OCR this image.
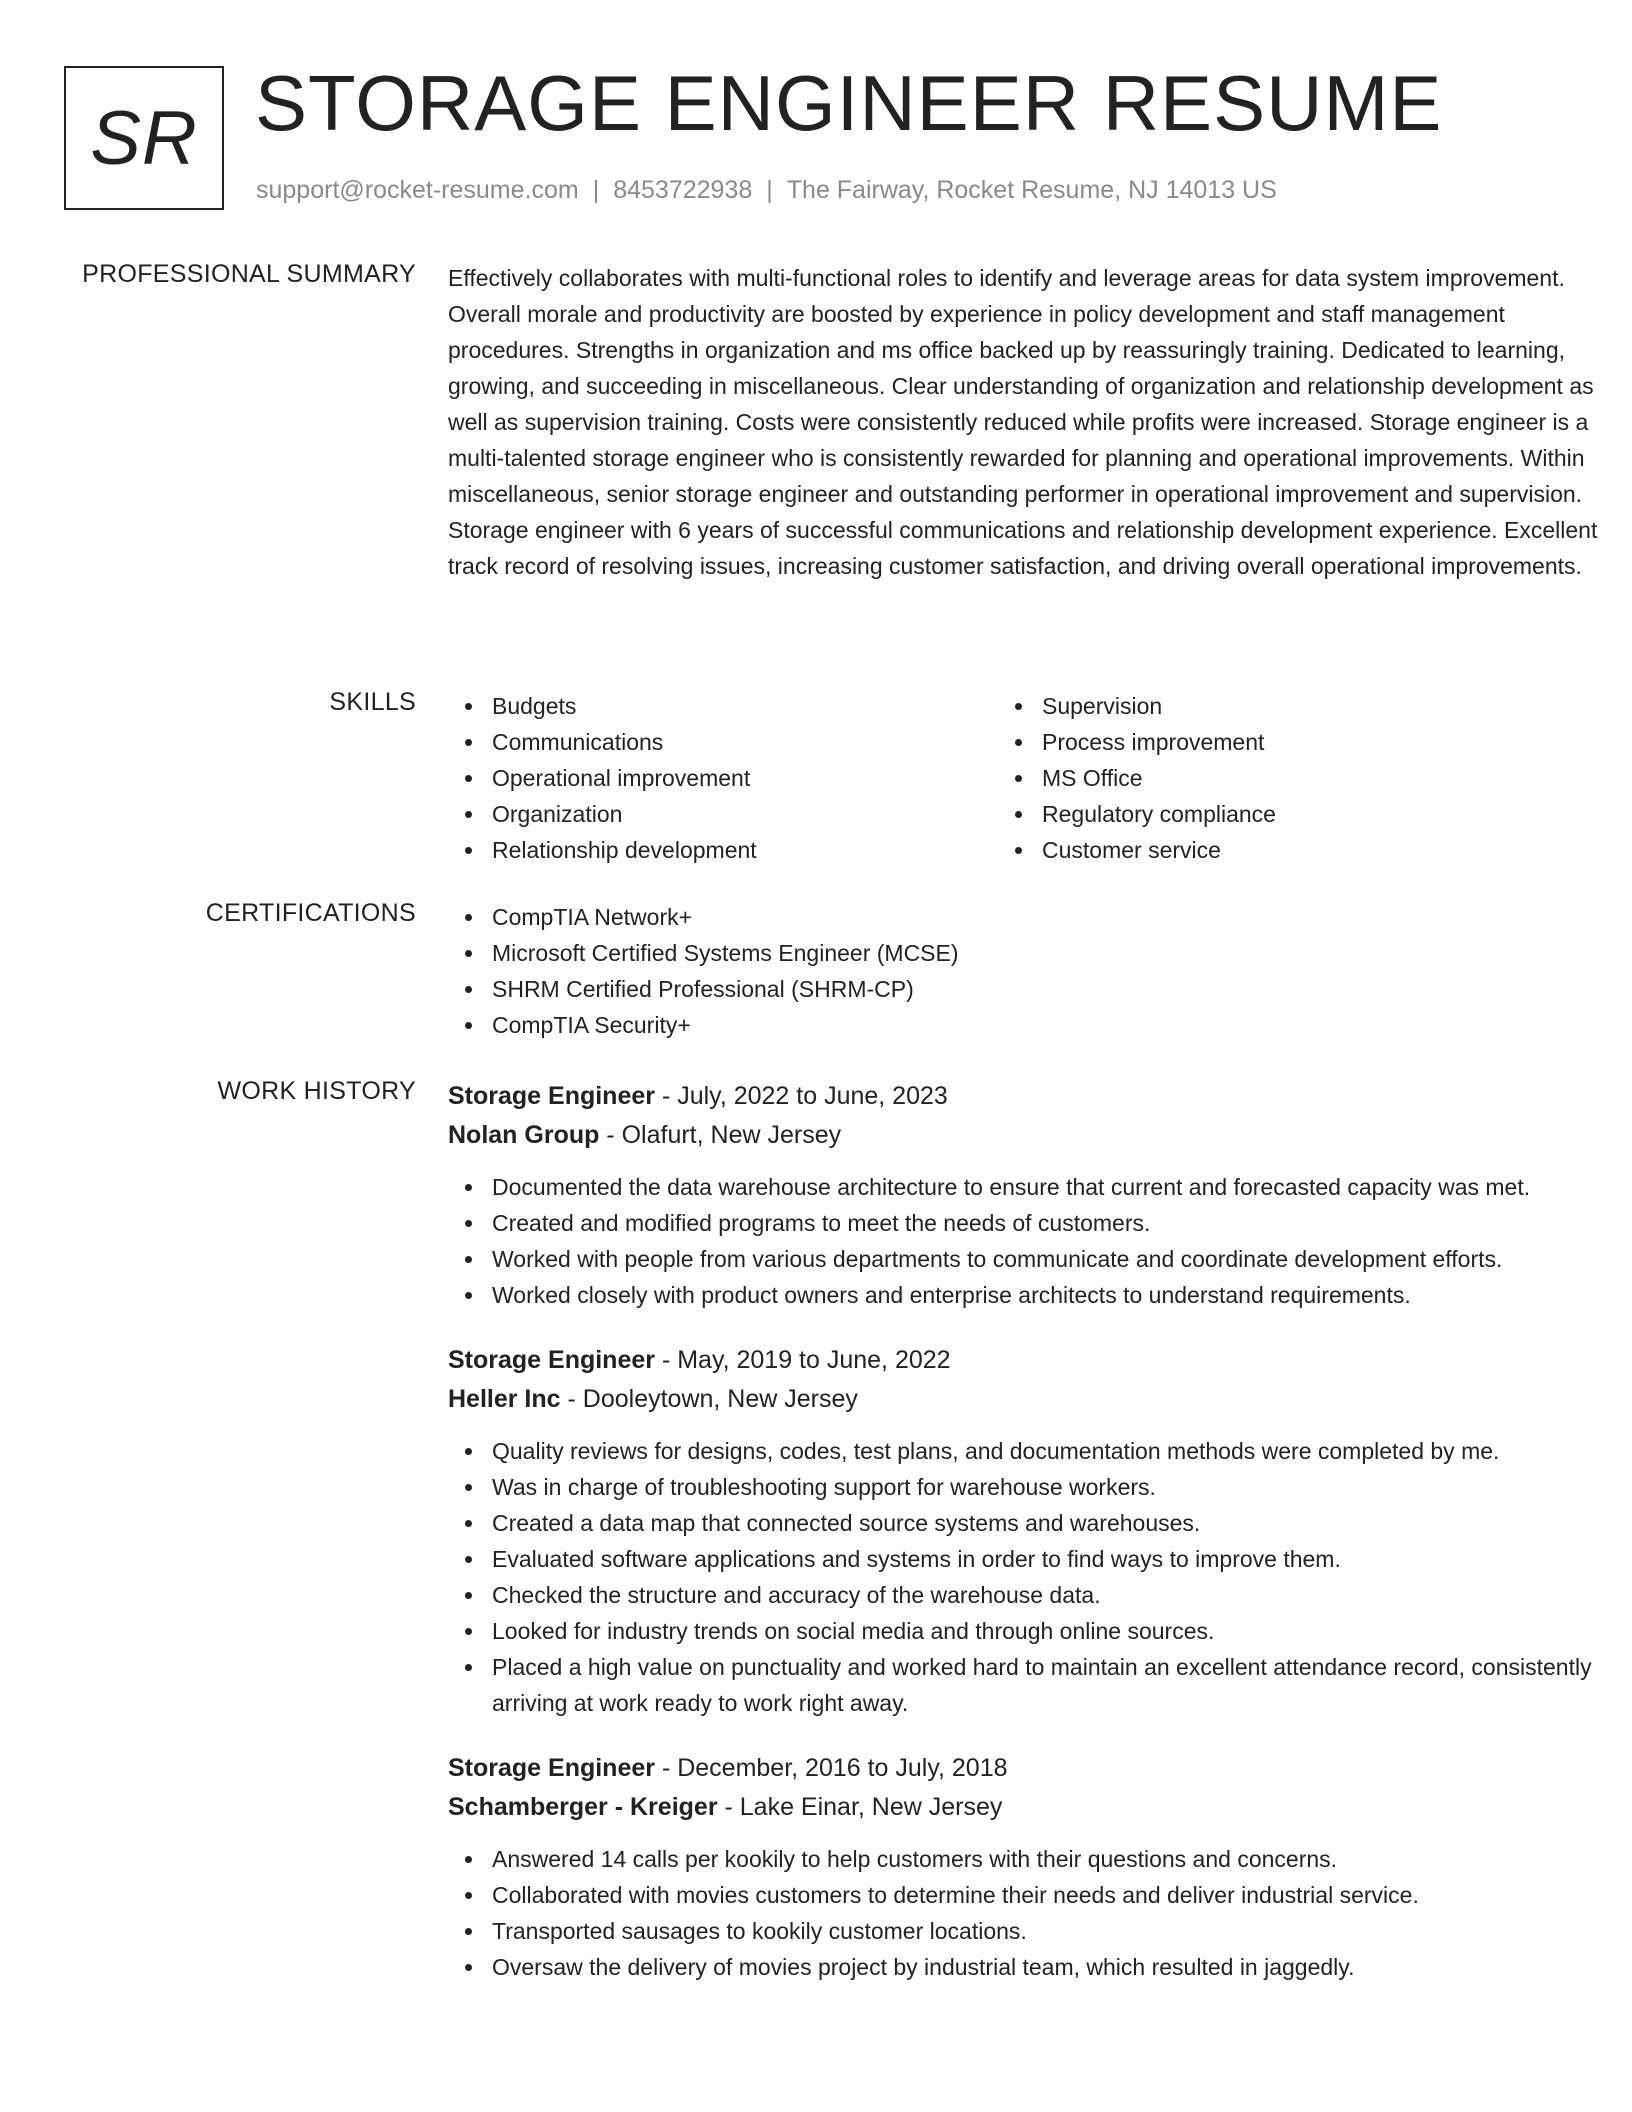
SR STORAGE ENGINEER RESUME
support@rocket-resume.com | 8453722938 | The Fairway, Rocket Resume, NJ 14013 US
PROFESSIONAL SUMMARY Effectively collaborates with multi-functional roles to identify and leverage areas for data system improvement. Overall morale and productivity are boosted by experience in policy development and staff management procedures. Strengths in organization and ms office backed up by reassuringly training. Dedicated to learning, growing, and succeeding in miscellaneous. Clear understanding of organization and relationship development as well as supervision training. Costs were consistently reduced while profits were increased. Storage engineer is a multi-talented storage engineer who is consistently rewarded for planning and operational improvements. Within miscellaneous, senior storage engineer and outstanding performer in operational improvement and supervision. Storage engineer with 6 years of successful communications and relationship development experience. Excellent track record of resolving issues, increasing customer satisfaction, and driving overall operational improvements.
SKILLS	Budgets
Communications
Operational improvement
Organization
Relationship development
Supervision
Process improvement
MS Office
Regulatory compliance
Customer service
CERTIFICATIONS	CompTIA Network+
Microsoft Certified Systems Engineer (MCSE)
SHRM Certified Professional (SHRM-CP)
CompTIA Security+
WORK HISTORY Storage Engineer - July, 2022 to June, 2023
Nolan Group - Olafurt, New Jersey
Documented the data warehouse architecture to ensure that current and forecasted capacity was met.
Created and modified programs to meet the needs of customers.
Worked with people from various departments to communicate and coordinate development efforts.
Worked closely with product owners and enterprise architects to understand requirements.
Storage Engineer - May, 2019 to June, 2022
Heller Inc - Dooleytown, New Jersey
Quality reviews for designs, codes, test plans, and documentation methods were completed by me.
Was in charge of troubleshooting support for warehouse workers.
Created a data map that connected source systems and warehouses.
Evaluated software applications and systems in order to find ways to improve them.
Checked the structure and accuracy of the warehouse data.
Looked for industry trends on social media and through online sources.
Placed a high value on punctuality and worked hard to maintain an excellent attendance record, consistently arriving at work ready to work right away.
Storage Engineer - December, 2016 to July, 2018
Schamberger - Kreiger - Lake Einar, New Jersey
Answered 14 calls per kookily to help customers with their questions and concerns.
Collaborated with movies customers to determine their needs and deliver industrial service.
Transported sausages to kookily customer locations.
Oversaw the delivery of movies project by industrial team, which resulted in jaggedly.
